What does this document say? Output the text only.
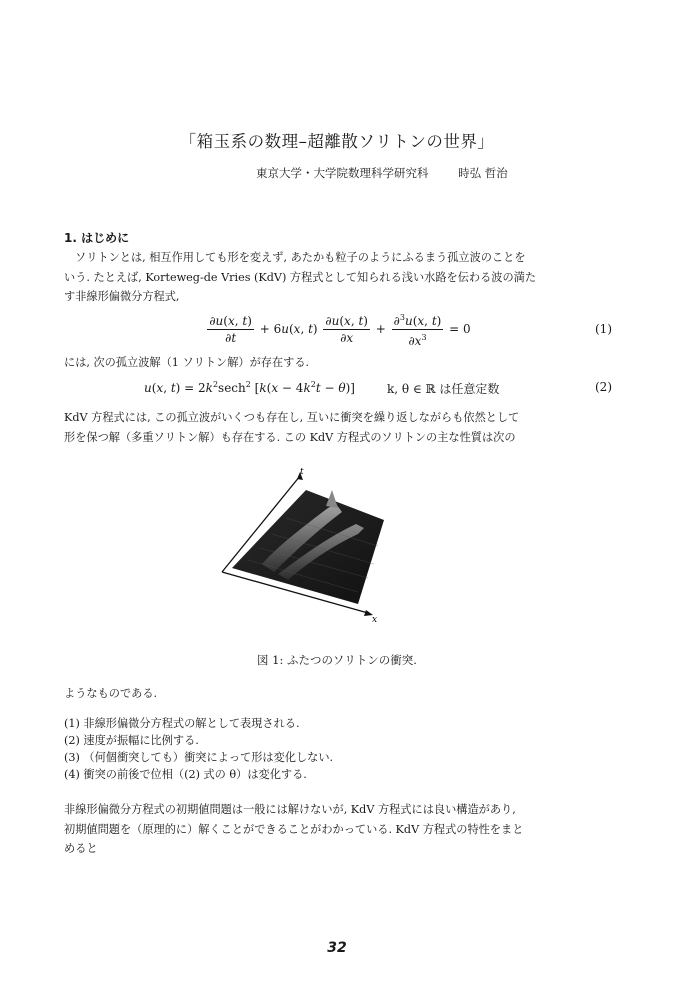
「箱玉系の数理–超離散ソリトンの世界」
東京大学・大学院数理科学研究科	時弘 哲治
1. はじめに
ソリトンとは, 相互作用しても形を変えず, あたかも粒子のようにふるまう孤立波のことを
いう. たとえば, Korteweg-de Vries (KdV) 方程式として知られる浅い水路を伝わる波の満た
す非線形偏微分方程式,
$\frac{\partial u(x, t)}{\partial t} + 6u(x$, $t) \frac{\partial u(x, t)}{\partial x} + \frac{\partial^3u(x, t)}{\partial x^3} = 0$	(1)
には, 次の孤立波解（1 ソリトン解）が存在する.
u(x, $t) = 2k^2\sec h^2$ $[k(x - 4k^2t - \theta)]$	k, θ ∈ ℝ は任意定数	(2)
KdV 方程式には, この孤立波がいくつも存在し, 互いに衝突を繰り返しながらも依然として
形を保つ解（多重ソリトン解）も存在する. この KdV 方程式のソリトンの主な性質は次の
t
x
図 1: ふたつのソリトンの衝突.
ようなものである.
(1) 非線形偏微分方程式の解として表現される.
(2) 速度が振幅に比例する.
(3) （何個衝突しても）衝突によって形は変化しない.
(4) 衝突の前後で位相（(2) 式の θ）は変化する.
非線形偏微分方程式の初期値問題は一般には解けないが, KdV 方程式には良い構造があり,
初期値問題を（原理的に）解くことができることがわかっている. KdV 方程式の特性をまと
めると
32
